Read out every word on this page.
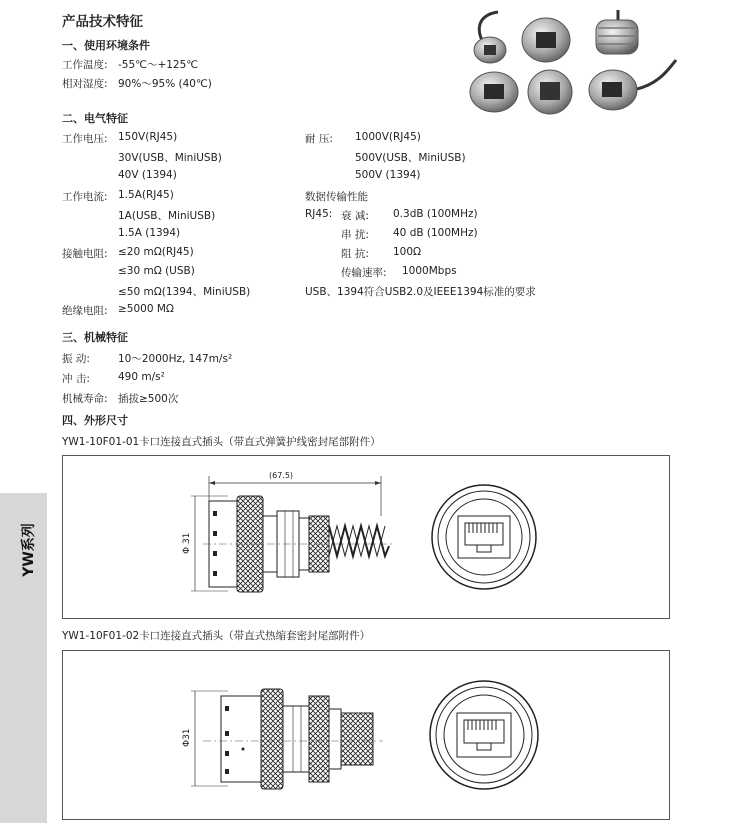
产品技术特征
一、使用环境条件
工作温度: -55℃～+125℃
相对湿度: 90%～95% (40℃)
二、电气特征
工作电压: 150V(RJ45)
30V(USB、MiniUSB)
40V (1394)
工作电流: 1.5A(RJ45)
1A(USB、MiniUSB)
1.5A (1394)
接触电阻: ≤20 mΩ(RJ45)
≤30 mΩ (USB)
≤50 mΩ(1394、MiniUSB)
绝缘电阻: ≥5000 MΩ
耐 压: 1000V(RJ45)
500V(USB、MiniUSB)
500V (1394)
数据传输性能
RJ45: 衰 减: 0.3dB (100MHz)
串 扰: 40 dB (100MHz)
阻 抗: 100Ω
传输速率: 1000Mbps
USB、1394符合USB2.0及IEEE1394标准的要求
三、机械特征
振 动:	10～2000Hz, 147m/s²
冲 击:	490 m/s²
机械寿命: 插拔≥500次
四、外形尺寸
YW1-10F01-01卡口连接直式插头（带直式弹簧护线密封尾部附件）
YW系列
(67.5)
Φ 31
YW1-10F01-02卡口连接直式插头（带直式热缩套密封尾部附件）
Φ31
